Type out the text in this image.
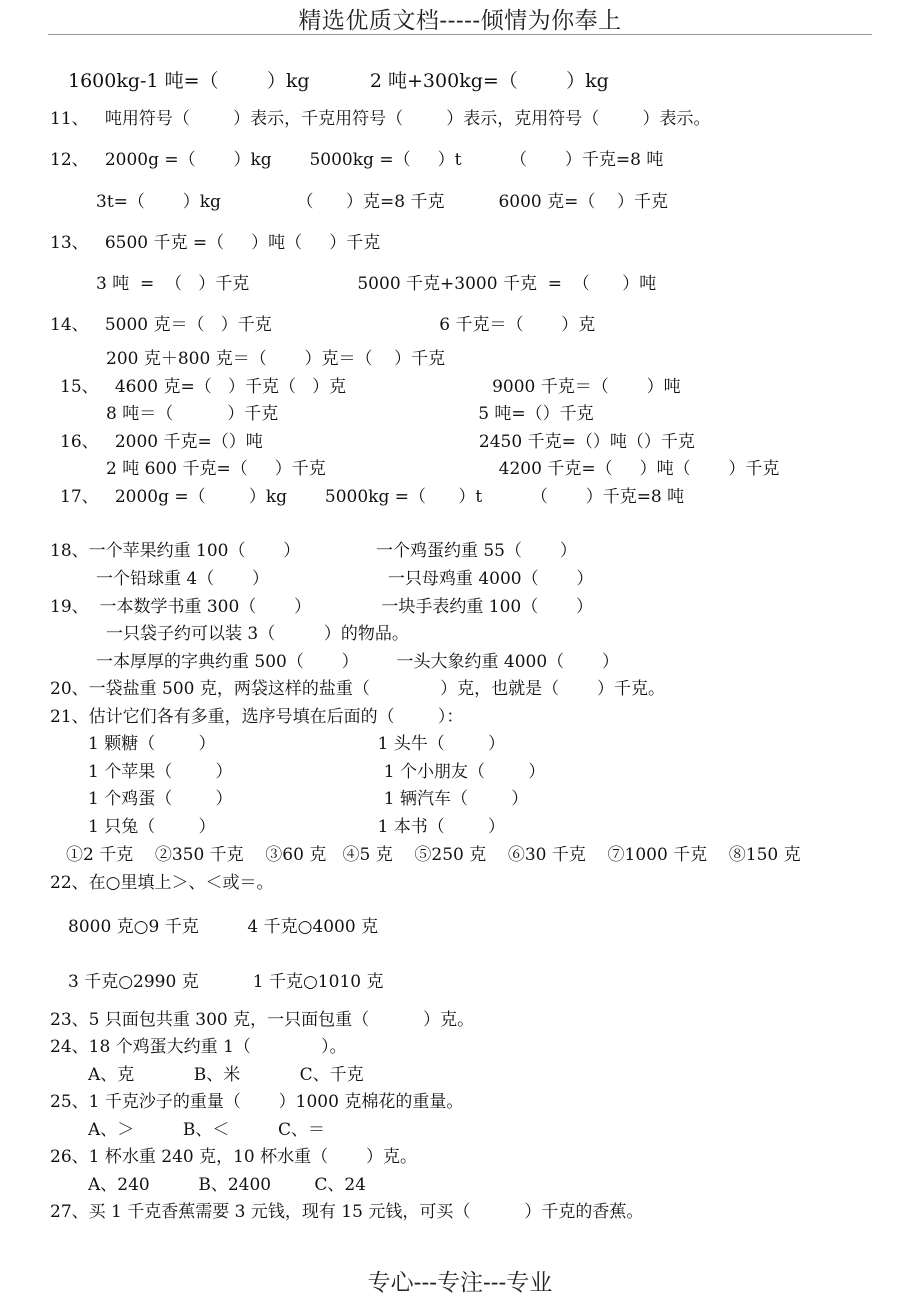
精选优质文档-----倾情为你奉上
1600kg-1 吨=（        ）kg          2 吨+300kg=（        ）kg
11、   吨用符号（        ）表示，千克用符号（        ）表示，克用符号（        ）表示。
12、   2000g =（       ）kg       5000kg =（     ）t         （       ）千克=8 吨
3t=（       ）kg              （      ）克=8 千克          6000 克=（    ）千克
13、   6500 千克 =（     ）吨（     ）千克
3 吨  =  （   ）千克                    5000 千克+3000 千克  =  （      ）吨
14、   5000 克＝（   ）千克                               6 千克＝（       ）克
200 克＋800 克＝（       ）克＝（    ）千克
15、   4600 克=（   ）千克（   ）克                           9000 千克＝（       ）吨
8 吨＝（          ）千克                                     5 吨=（）千克
16、   2000 千克=（）吨                                        2450 千克=（）吨（）千克
2 吨 600 千克=（     ）千克                                4200 千克=（     ）吨（       ）千克
17、   2000g =（        ）kg       5000kg =（      ）t         （       ）千克=8 吨
18、一个苹果约重 100（       ）              一个鸡蛋约重 55（       ）
一个铅球重 4（       ）                      一只母鸡重 4000（       ）
19、  一本数学书重 300（       ）             一块手表约重 100（       ）
一只袋子约可以装 3（         ）的物品。
一本厚厚的字典约重 500（       ）       一头大象约重 4000（       ）
20、一袋盐重 500 克，两袋这样的盐重（             ）克，也就是（       ）千克。
21、估计它们各有多重，选序号填在后面的（        ）：
1 颗糖（        ）                              1 头牛（        ）
1 个苹果（        ）                            1 个小朋友（        ）
1 个鸡蛋（        ）                            1 辆汽车（        ）
1 只兔（        ）                              1 本书（        ）
①2 千克    ②350 千克    ③60 克   ④5 克    ⑤250 克    ⑥30 千克    ⑦1000 千克    ⑧150 克
22、在○里填上＞、＜或＝。
8000 克○9 千克         4 千克○4000 克
3 千克○2990 克          1 千克○1010 克
23、5 只面包共重 300 克，一只面包重（          ）克。
24、18 个鸡蛋大约重 1（             ）。
A、克           B、米           C、千克
25、1 千克沙子的重量（       ）1000 克棉花的重量。
A、＞         B、＜         C、＝
26、1 杯水重 240 克，10 杯水重（       ）克。
A、240         B、2400        C、24
27、买 1 千克香蕉需要 3 元钱，现有 15 元钱，可买（          ）千克的香蕉。
专心---专注---专业
